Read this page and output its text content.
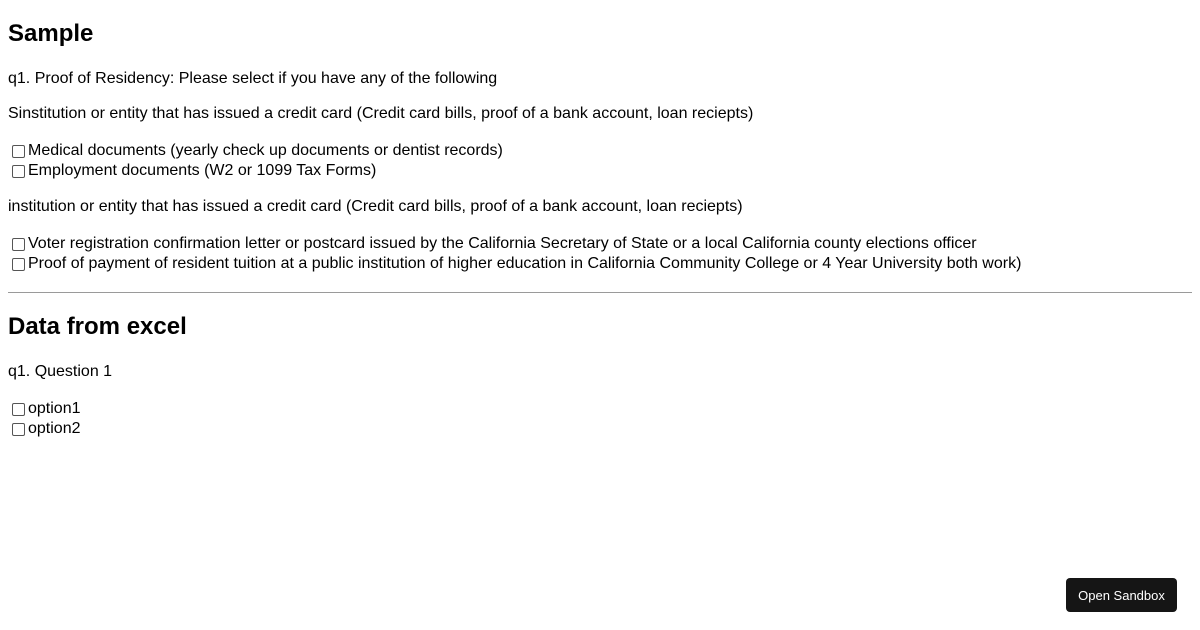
Sample

q1. Proof of Residency: Please select if you have any of the following

Sinstitution or entity that has issued a credit card (Credit card bills, proof of a bank account, loan reciepts)

Medical documents (yearly check up documents or dentist records)
Employment documents (W2 or 1099 Tax Forms)

institution or entity that has issued a credit card (Credit card bills, proof of a bank account, loan reciepts)

Voter registration confirmation letter or postcard issued by the California Secretary of State or a local California county elections officer
Proof of payment of resident tuition at a public institution of higher education in California Community College or 4 Year University both work)
Data from excel

q1. Question 1

option1
option2
Open Sandbox
